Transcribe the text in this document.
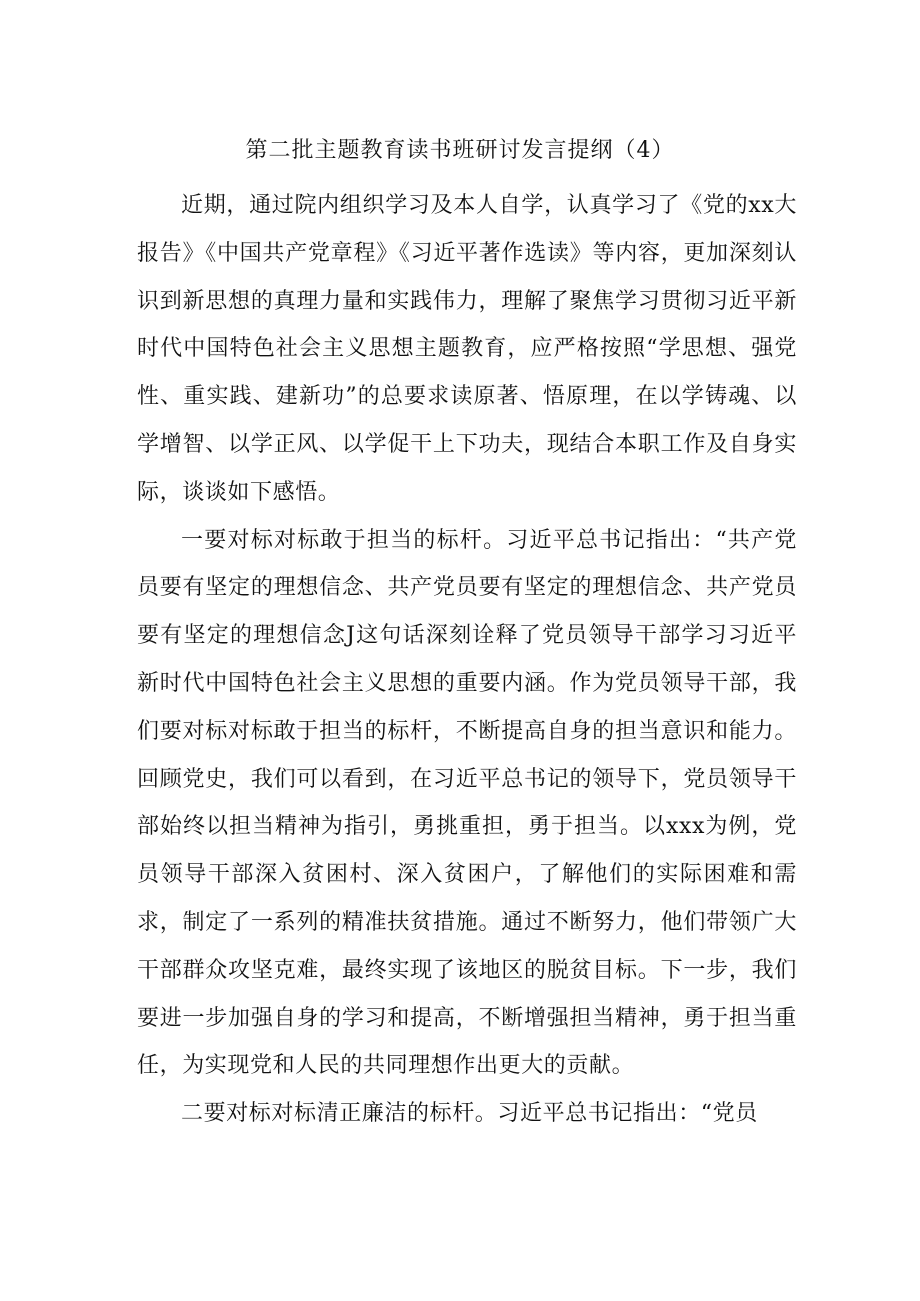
第二批主题教育读书班研讨发言提纲（4）

近期，通过院内组织学习及本人自学，认真学习了《党的xx大报告》《中国共产党章程》《习近平著作选读》等内容，更加深刻认识到新思想的真理力量和实践伟力，理解了聚焦学习贯彻习近平新时代中国特色社会主义思想主题教育，应严格按照“学思想、强党性、重实践、建新功”的总要求读原著、悟原理，在以学铸魂、以学增智、以学正风、以学促干上下功夫，现结合本职工作及自身实际，谈谈如下感悟。

一要对标对标敢于担当的标杆。习近平总书记指出：“共产党员要有坚定的理想信念、共产党员要有坚定的理想信念、共产党员要有坚定的理想信念J这句话深刻诠释了党员领导干部学习习近平新时代中国特色社会主义思想的重要内涵。作为党员领导干部，我们要对标对标敢于担当的标杆，不断提高自身的担当意识和能力。回顾党史，我们可以看到，在习近平总书记的领导下，党员领导干部始终以担当精神为指引，勇挑重担，勇于担当。以xxx为例，党员领导干部深入贫困村、深入贫困户，了解他们的实际困难和需求，制定了一系列的精准扶贫措施。通过不断努力，他们带领广大干部群众攻坚克难，最终实现了该地区的脱贫目标。下一步，我们要进一步加强自身的学习和提高，不断增强担当精神，勇于担当重任，为实现党和人民的共同理想作出更大的贡献。

二要对标对标清正廉洁的标杆。习近平总书记指出：“党员
